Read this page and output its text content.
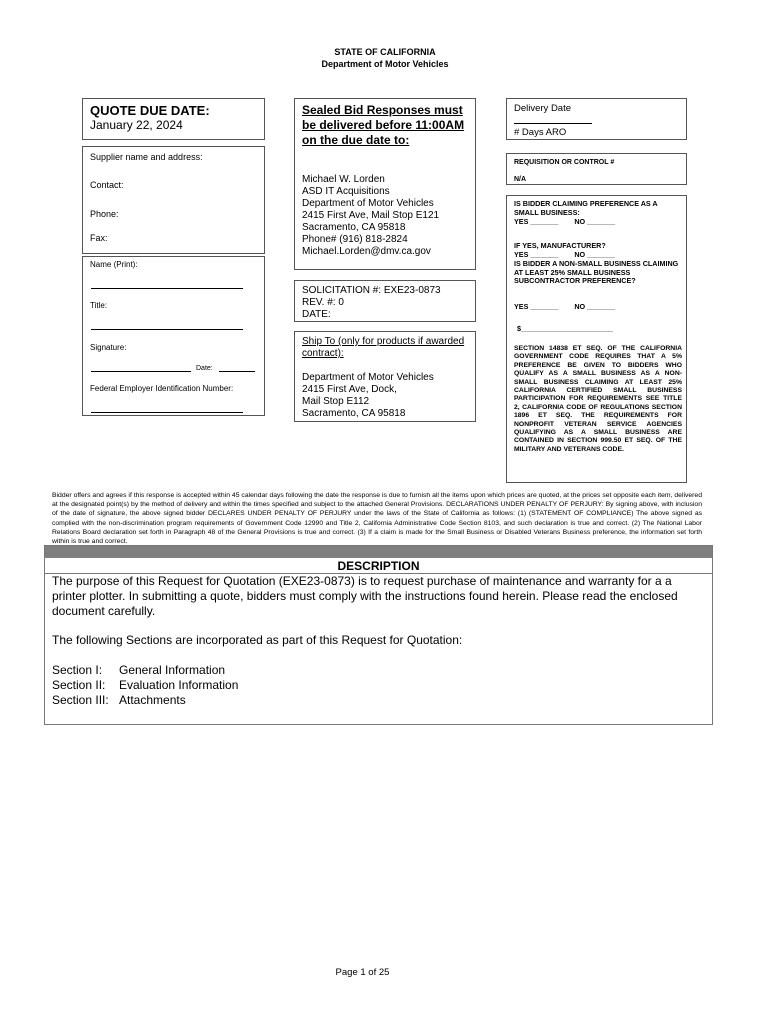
STATE OF CALIFORNIA
Department of Motor Vehicles
QUOTE DUE DATE:
January 22, 2024
Supplier name and address:
Contact:
Phone:
Fax:
Name (Print):
Title:
Signature:
Date:
Federal Employer Identification Number:
Sealed Bid Responses must be delivered before 11:00AM on the due date to:
Michael W. Lorden
ASD IT Acquisitions
Department of Motor Vehicles
2415 First Ave, Mail Stop E121
Sacramento, CA 95818
Phone# (916) 818-2824
Michael.Lorden@dmv.ca.gov
SOLICITATION #: EXE23-0873
REV. #: 0
DATE:
Ship To (only for products if awarded contract):
Department of Motor Vehicles
2415 First Ave, Dock,
Mail Stop E112
Sacramento, CA 95818
Delivery Date
# Days ARO
REQUISITION OR CONTROL #
N/A
IS BIDDER CLAIMING PREFERENCE AS A SMALL BUSINESS:
YES _______        NO _______
IF YES, MANUFACTURER?
YES _______        NO _______
IS BIDDER A NON-SMALL BUSINESS CLAIMING AT LEAST 25% SMALL BUSINESS SUBCONTRACTOR PREFERENCE?
YES _______        NO _______
$_______________________
SECTION 14838 ET SEQ. OF THE CALIFORNIA GOVERNMENT CODE REQUIRES THAT A 5% PREFERENCE BE GIVEN TO BIDDERS WHO QUALIFY AS A SMALL BUSINESS AS A NON-SMALL BUSINESS CLAIMING AT LEAST 25% CALIFORNIA CERTIFIED SMALL BUSINESS PARTICIPATION FOR REQUIREMENTS SEE TITLE 2, CALIFORNIA CODE OF REGULATIONS SECTION 1896 ET SEQ. THE REQUIREMENTS FOR NONPROFIT VETERAN SERVICE AGENCIES QUALIFYING AS A SMALL BUSINESS ARE CONTAINED IN SECTION 999.50 ET SEQ. OF THE MILITARY AND VETERANS CODE.
Bidder offers and agrees if this response is accepted within 45 calendar days following the date the response is due to furnish all the items upon which prices are quoted, at the prices set opposite each item, delivered at the designated point(s) by the method of delivery and within the times specified and subject to the attached General Provisions. DECLARATIONS UNDER PENALTY OF PERJURY: By signing above, with inclusion of the date of signature, the above signed bidder DECLARES UNDER PENALTY OF PERJURY under the laws of the State of California as follows: (1) (STATEMENT OF COMPLIANCE) The above signed as complied with the non-discrimination program requirements of Government Code 12990 and Title 2, California Administrative Code Section 8103, and such declaration is true and correct. (2) The National Labor Relations Board declaration set forth in Paragraph 48 of the General Provisions is true and correct. (3) If a claim is made for the Small Business or Disabled Veterans Business preference, the information set forth within is true and correct.
DESCRIPTION
The purpose of this Request for Quotation (EXE23-0873) is to request purchase of maintenance and warranty for a a printer plotter. In submitting a quote, bidders must comply with the instructions found herein. Please read the enclosed document carefully.
The following Sections are incorporated as part of this Request for Quotation:
Section I: General Information
Section II: Evaluation Information
Section III: Attachments
Page 1 of 25
